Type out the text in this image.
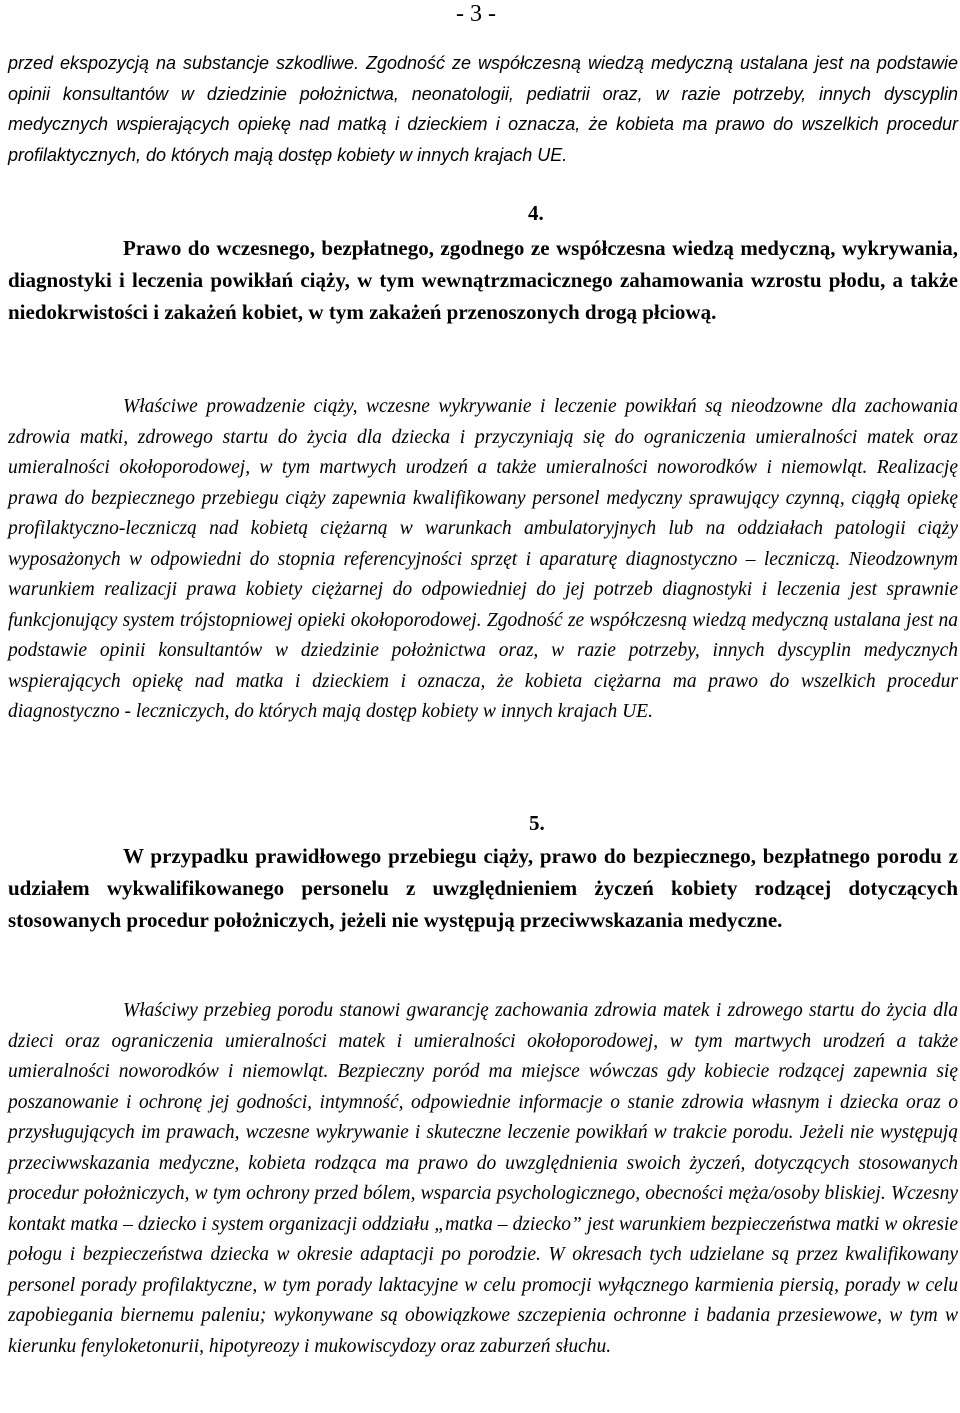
- 3 -

przed ekspozycją na substancje szkodliwe. Zgodność ze współczesną wiedzą medyczną ustalana jest na podstawie opinii konsultantów w dziedzinie położnictwa, neonatologii, pediatrii oraz, w razie potrzeby, innych dyscyplin medycznych wspierających opiekę nad matką i dzieckiem i oznacza, że kobieta ma prawo do wszelkich procedur profilaktycznych, do których mają dostęp kobiety w innych krajach UE.

4.

Prawo do wczesnego, bezpłatnego, zgodnego ze współczesna wiedzą medyczną, wykrywania, diagnostyki i leczenia powikłań ciąży, w tym wewnątrzmacicznego zahamowania wzrostu płodu, a także niedokrwistości i zakażeń kobiet, w tym zakażeń przenoszonych drogą płciową.

Właściwe prowadzenie ciąży, wczesne wykrywanie i leczenie powikłań są nieodzowne dla zachowania zdrowia matki, zdrowego startu do życia dla dziecka i przyczyniają się do ograniczenia umieralności matek oraz umieralności okołoporodowej, w tym martwych urodzeń a także umieralności noworodków i niemowląt. Realizację prawa do bezpiecznego przebiegu ciąży zapewnia kwalifikowany personel medyczny sprawujący czynną, ciągłą opiekę profilaktyczno-leczniczą nad kobietą ciężarną w warunkach ambulatoryjnych lub na oddziałach patologii ciąży wyposażonych w odpowiedni do stopnia referencyjności sprzęt i aparaturę diagnostyczno – leczniczą. Nieodzownym warunkiem realizacji prawa kobiety ciężarnej do odpowiedniej do jej potrzeb diagnostyki i leczenia jest sprawnie funkcjonujący system trójstopniowej opieki okołoporodowej. Zgodność ze współczesną wiedzą medyczną ustalana jest na podstawie opinii konsultantów w dziedzinie położnictwa oraz, w razie potrzeby, innych dyscyplin medycznych wspierających opiekę nad matka i dzieckiem i oznacza, że kobieta ciężarna ma prawo do wszelkich procedur diagnostyczno - leczniczych, do których mają dostęp kobiety w innych krajach UE.

5.

W przypadku prawidłowego przebiegu ciąży, prawo do bezpiecznego, bezpłatnego porodu z udziałem wykwalifikowanego personelu z uwzględnieniem życzeń kobiety rodzącej dotyczących stosowanych procedur położniczych, jeżeli nie występują przeciwwskazania medyczne.

Właściwy przebieg porodu stanowi gwarancję zachowania zdrowia matek i zdrowego startu do życia dla dzieci oraz ograniczenia umieralności matek i umieralności okołoporodowej, w tym martwych urodzeń a także umieralności noworodków i niemowląt. Bezpieczny poród ma miejsce wówczas gdy kobiecie rodzącej zapewnia się poszanowanie i ochronę jej godności, intymność, odpowiednie informacje o stanie zdrowia własnym i dziecka oraz o przysługujących im prawach, wczesne wykrywanie i skuteczne leczenie powikłań w trakcie porodu. Jeżeli nie występują przeciwwskazania medyczne, kobieta rodząca ma prawo do uwzględnienia swoich życzeń, dotyczących stosowanych procedur położniczych, w tym ochrony przed bólem, wsparcia psychologicznego, obecności męża/osoby bliskiej. Wczesny kontakt matka – dziecko i system organizacji oddziału „matka – dziecko” jest warunkiem bezpieczeństwa matki w okresie połogu i bezpieczeństwa dziecka w okresie adaptacji po porodzie. W okresach tych udzielane są przez kwalifikowany personel porady profilaktyczne, w tym porady laktacyjne w celu promocji wyłącznego karmienia piersią, porady w celu zapobiegania biernemu paleniu; wykonywane są obowiązkowe szczepienia ochronne i badania przesiewowe, w tym w kierunku fenyloketonurii, hipotyreozy i mukowiscydozy oraz zaburzeń słuchu.
